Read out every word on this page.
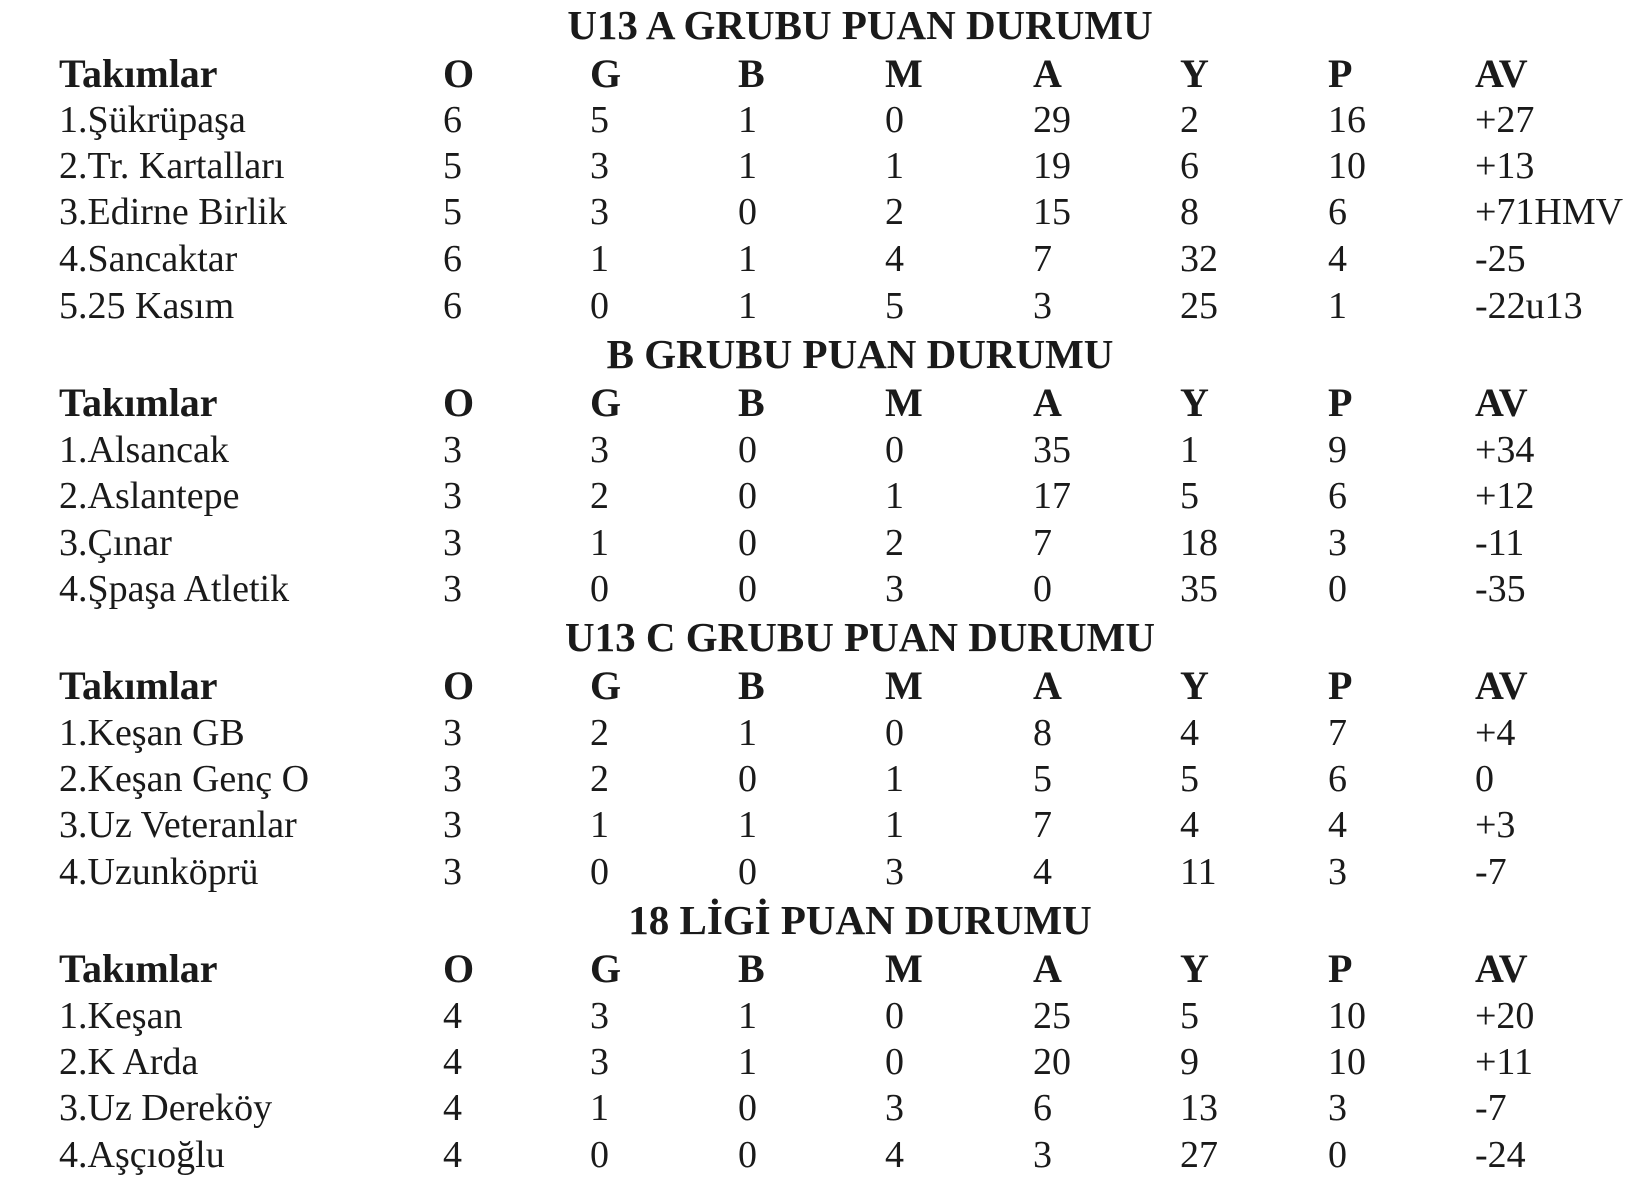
U13 A GRUBU PUAN DURUMU
Takımlar	O	G	B	M	A	Y	P	AV
1.Şükrüpaşa	6	5	1	0	29	2	16	+27
2.Tr. Kartalları	5	3	1	1	19	6	10	+13
3.Edirne Birlik	5	3	0	2	15	8	6	+71HMV
4.Sancaktar	6	1	1	4	7	32	4	-25
5.25 Kasım	6	0	1	5	3	25	1	-22u13
B GRUBU PUAN DURUMU
Takımlar	O	G	B	M	A	Y	P	AV
1.Alsancak	3	3	0	0	35	1	9	+34
2.Aslantepe	3	2	0	1	17	5	6	+12
3.Çınar	3	1	0	2	7	18	3	-11
4.Şpaşa Atletik	3	0	0	3	0	35	0	-35
U13 C GRUBU PUAN DURUMU
Takımlar	O	G	B	M	A	Y	P	AV
1.Keşan GB	3	2	1	0	8	4	7	+4
2.Keşan Genç O	3	2	0	1	5	5	6	0
3.Uz Veteranlar	3	1	1	1	7	4	4	+3
4.Uzunköprü	3	0	0	3	4	11	3	-7
18 LİGİ PUAN DURUMU
Takımlar	O	G	B	M	A	Y	P	AV
1.Keşan	4	3	1	0	25	5	10	+20
2.K Arda	4	3	1	0	20	9	10	+11
3.Uz Dereköy	4	1	0	3	6	13	3	-7
4.Aşçıoğlu	4	0	0	4	3	27	0	-24
